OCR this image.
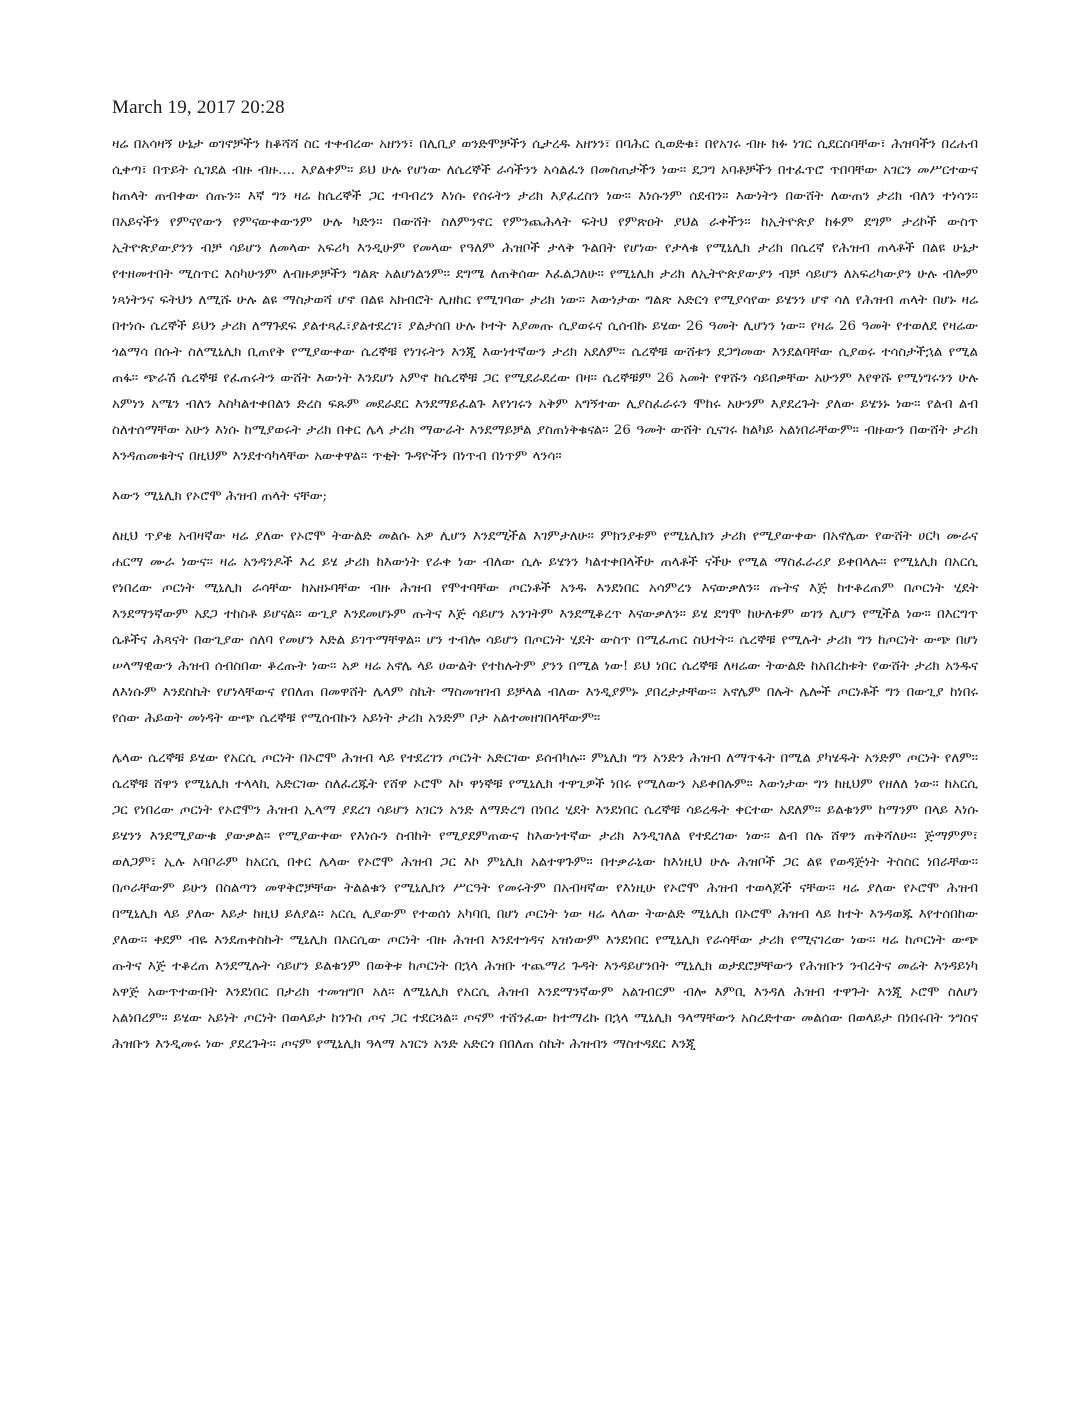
March 19, 2017 20:28

ዛሬ በአሳዛኝ ሁኔታ ወገኖቻችን ከቆሻሻ ስር ተቀብረው አዘንን፣ በሊቢያ ወንድሞቻችን ሲታረዱ አዘንን፣ በባሕር ሲወድቁ፣ በየአገሩ ብዙ ክፉ ነገር ሲደርስባቸው፣ ሕዝባችን በረሐብ ሲቀጣ፣ በጥይት ሲገደል ብዙ ብዙ.... እያልቀም፡፡ ይህ ሁሉ የሆነው ለሴረኞች ራሳችንን አሳልፈን በመስጠታችን ነው፡፡ ደጋግ አባቶቻችን በተፈጥሮ ጥበባቸው አገርን መሥርተውና ከጠላት ጠብቀው ሰጡን፡፡ እኛ ግን ዛሬ ከሴረኞች ጋር ተባብረን እነሱ የሰሩትን ታሪክ እያፈረስን ነው፡፡ እነሱንም ሰደብን፡፡ እውነትን በውሸት ለውጠን ታሪክ ብለን ተነሳን፡፡ በአይናችን የምናየውን የምናውቀውንም ሁሉ ካድን፡፡ በውሸት ስለምንኖር የምንጨሕላት ፍትህ የምጽዐት ያህል ራቀችን፡፡ ከኢትዮጵያ ከፉም ደግም ታሪኮች ውስጥ ኢትዮጵያውያንን ብቻ ሳይሆን ለመላው አፍሪካ እንዲሁም የመላው የዓለም ሕዝቦች ታላቅ ጉልበት የሆነው የታላቁ የሚኒሊክ ታሪክ በሴረኛ የሕዝብ ጠላቶች በልዩ ሁኔታ የተዘመተበት ሚስጥር እስካሁንም ለብዙዎቻችን ግልጽ አልሆነልንም፡፡ ደግሜ ለጠቅሰው እፈልጋለሁ፡፡ የሚኒሊክ ታሪክ ለኢትዮጵያውያን ብቻ ሳይሆን ለአፍሪካውያን ሁሉ ብሎም ነጻነትንና ፍትህን ለሚሹ ሁሉ ልዩ ማስታወሻ ሆኖ በልዩ አክብሮት ሊዘከር የሚገባው ታሪክ ነው፡፡ እውነታው ግልጽ አድርጎ የሚያሳየው ይሄንን ሆኖ ሳለ የሕዝብ ጠላት በሆኑ ዛሬ በተነሱ ሴረኞች ይህን ታሪክ ለማጉደፍ ያልተጻፈ፣ያልተደረገ፣ ያልታሰበ ሁሉ ኮተት እያመጡ ሲያወሩና ሲሰብኩ ይሄው 26 ዓመት ሊሆነን ነው፡፡ የዛሬ 26 ዓመት የተወለደ የዛሬው ጎልማሳ በሱት ስለሚኒሊክ ቢጠየቅ የሚያውቀው ሴረኞቹ የነገሩትን እንጂ እውነተኛውን ታሪክ አደለም፡፡ ሴረኞቹ ውሸቱን ደጋግመው እንደልባቸው ሲያወሩ ተሳስታችኋል የሚል ጠፋ፡፡ ጭራሽ ሴረኞቹ የፈጠሩትን ውሸት እውነት እንደሆነ አምኖ ከሴረኞቹ ጋር የሚደራደረው በዛ፡፡ ሴረኞቹም 26 አመት የዋሹን ሳይበቃቸው አሁንም እየዋሹ የሚነግሩንን ሁሉ አምነን አሜን ብለን እስካልተቀበልን ድረስ ፍጹም መደራደር እንደማይፈልጉ እየነገሩን አቅም አግኝተው ሊያስፈራሩን ሞከሩ አሁንም እያደረጉት ያለው ይሄንኑ ነው፡፡ የልብ ልብ ስለተሰማቸው አሁን እነሱ ከሚያወሩት ታሪክ በቀር ሌላ ታሪክ ማውራት እንደማይቻል ያስጠነቅቁናል፡፡ 26 ዓመት ውሸት ሲናገሩ ከልካይ አልነበራቸውም፡፡ ብዙውን በውሸት ታሪክ እንዳጠመቁትና በዚህም እንደተሳካላቸው አውቀዋል፡፡ ጥቂት ጉዳዮችን በነጥብ በነጥም ላንሳ፡፡

እውን ሚኒሊክ የኦሮሞ ሕዝብ ጠላት ናቸው;

ለዚህ ጥያቄ አብዛኛው ዛሬ ያለው የኦሮሞ ትውልድ መልሱ አዎ ሊሆን እንደሚችል እገምታለሁ፡፡ ምክንያቱም የሚኒሊክን ታሪክ የሚያውቀው በአኖሌው የውሸት ሀርካ ሙራና ሐርማ ሙራ ነውና፡፡ ዛሬ አንዳንዶች እረ ይሄ ታሪክ ከእውነት የራቀ ነው ብለው ሲሉ ይሄንን ካልተቀበላችሁ ጠላቶች ናችሁ የሚል ማስፈራሪያ ይቀበላሉ፡፡ የሚኒሊክ በአርሲ የነበረው ጦርነት ሚኒሊክ ራሳቸው ከአዘኑባቸው ብዙ ሕዝብ የሞተባቸው ጦርነቶች አንዱ እንደነበር አሳምረን እናውቃለን፡፡ ጡትና እጅ ከተቆረጠም በጦርነት ሂደት እንደማንኛውም አደጋ ተከስቶ ይሆናል፡፡ ውጊያ እንደመሆኑም ጡትና እጅ ሳይሆን አንገትም እንደሚቆረጥ እናውቃለን፡፡ ይሄ ደግሞ ከሁለቱም ወገን ሊሆን የሚችል ነው፡፡ በእርግጥ ሴቶችና ሕጻናት በውጊያው ሰለባ የመሆን እድል ይገጥማቸዋል፡፡ ሆን ተብሎ ሳይሆን በጦርነት ሂደት ውስጥ በሚፈጠር ስህተት፡፡ ሴረኞቹ የሚሉት ታሪክ ግን ከጦርነት ውጭ በሆነ ሠላማዊውን ሕዝብ ሰብስበው ቆረጡት ነው፡፡ አዎ ዛሬ አኖሌ ላይ ሀውልት የተከሉትም ያንን በሚል ነው! ይህ ነበር ሴረኞቹ ለዛሬው ትውልድ ከአበረከቱት የውሸት ታሪክ አንዱና ለእነሱም እንደስኬት የሆነላቸውና የበለጠ በመዋሸት ሌላም ስኬት ማስመዝገብ ይቻላል ብለው እንዲያምኑ ያበረታታቸው፡፡ አኖሌም በሉት ሌሎች ጦርነቶች ግን በውጊያ ከነበሩ የሰው ሕይወት መነዳት ውጭ ሴረኞቹ የሚሰብኩን አይነት ታሪክ አንድም ቦታ አልተመዘገበላቸውም፡፡

ሌላው ሴረኞቹ ይሄው የአርሲ ጦርነት በኦሮሞ ሕዝብ ላይ የተደረገን ጦርነት አድርገው ይሰብካሉ፡፡ ምኒሊክ ግን አንድን ሕዝብ ለማጥፋት በሚል ያካሄዱት አንድም ጦርነት የለም፡፡ ሴረኞቹ ሸዋን የሚኒሊክ ተላላኪ አድርገው ስለፈረጁት የሸዋ ኦሮሞ እኮ ዋነኞቹ የሚኒሊክ ተዋጊዎች ነበሩ የሚለውን አይቀበሉም፡፡ እውነታው ግን ከዚህም የዘለለ ነው፡፡ ከአርሲ ጋር የነበረው ጦርነት የኦሮሞን ሕዝብ ኢላማ ያደረገ ሳይሆን አገርን አንድ ለማድረግ በነበረ ሂደት እንደነበር ሴረኞቹ ሳይረዱት ቀርተው አደለም፡፡ ይልቁንም ከማንም በላይ እነሱ ይሄንን እንደሚያውቁ ያውቃል፡፡ የሚያውቀው የእነሱን ስብከት የሚያደምጠውና ከእውነተኛው ታሪክ እንዲገለል የተደረገው ነው፡፡ ልብ በሉ ሸዋን ጠቅሻለሁ፡፡ ጅማምም፣ ወለጋም፣ ኢሉ አባቦራም ከአርሲ በቀር ሌላው የኦሮሞ ሕዝብ ጋር እኮ ምኒሊክ አልተዋጉም፡፡ በተቃራኒው ከእነዚህ ሁሉ ሕዝቦች ጋር ልዩ የወዳጅነት ትስስር ነበራቸው፡፡ በጦራቸውም ይሁን በስልጣን መዋቅሮቻቸው ትልልቁን የሚኒሊክን ሥርዓት የመሩትም በአብዛኛው የእነዚሁ የኦሮሞ ሕዝብ ተወላጆች ናቸው፡፡ ዛሬ ያለው የኦሮሞ ሕዝብ በሚኒሊክ ላይ ያለው እይታ ከዚህ ይለያል፡፡ አርሲ ሊያውም የተወሰነ አካባቢ በሆነ ጦርነት ነው ዛሬ ላለው ትውልድ ሚኒሊክ በኦሮሞ ሕዝብ ላይ ከተት እንዳወጁ እየተሰበከው ያለው፡፡ ቀደም ብዬ እንደጠቀስኩት ሚኒሊክ በአርሲው ጦርነት ብዙ ሕዝብ እንደተጎዳና አዝነውም እንደነበር የሚኒሊክ የራሳቸው ታሪክ የሚናገረው ነው፡፡ ዛሬ ከጦርነት ውጭ ጡትና እጅ ተቆረጠ እንደሚሉት ሳይሆን ይልቁንም በወቅቱ ከጦርነት በኋላ ሕዝቡ ተጨማሪ ጉዳት እንዳይሆንበት ሚኒሊክ ወታደሮቻቸውን የሕዝቡን ንብረትና መሬት እንዳይነካ አዋጅ አውጥተውበት እንደነበር በታሪክ ተመዝግቦ አለ፡፡ ለሚኒሊክ የአርሲ ሕዝብ እንደማንኛውም አልገብርም ብሎ እምቢ እንዳለ ሕዝብ ተዋጉት እንጂ ኦሮሞ ስለሆነ አልነበረም፡፡ ይሄው አይነት ጦርነት በወላይታ ከንጉስ ጦና ጋር ተደርጓል፡፡ ጦናም ተሸንፈው ከተማረኩ በኋላ ሚኒሊክ ዓላማቸውን አስረድተው መልሰው በወላይታ በነበሩበት ንግስና ሕዝቡን እንዲመሩ ነው ያደረጉት፡፡ ጦናም የሚኒሊክ ዓላማ አገርን አንድ አድርጎ በበለጠ ስኬት ሕዝብን ማስተዳደር እንጂ
